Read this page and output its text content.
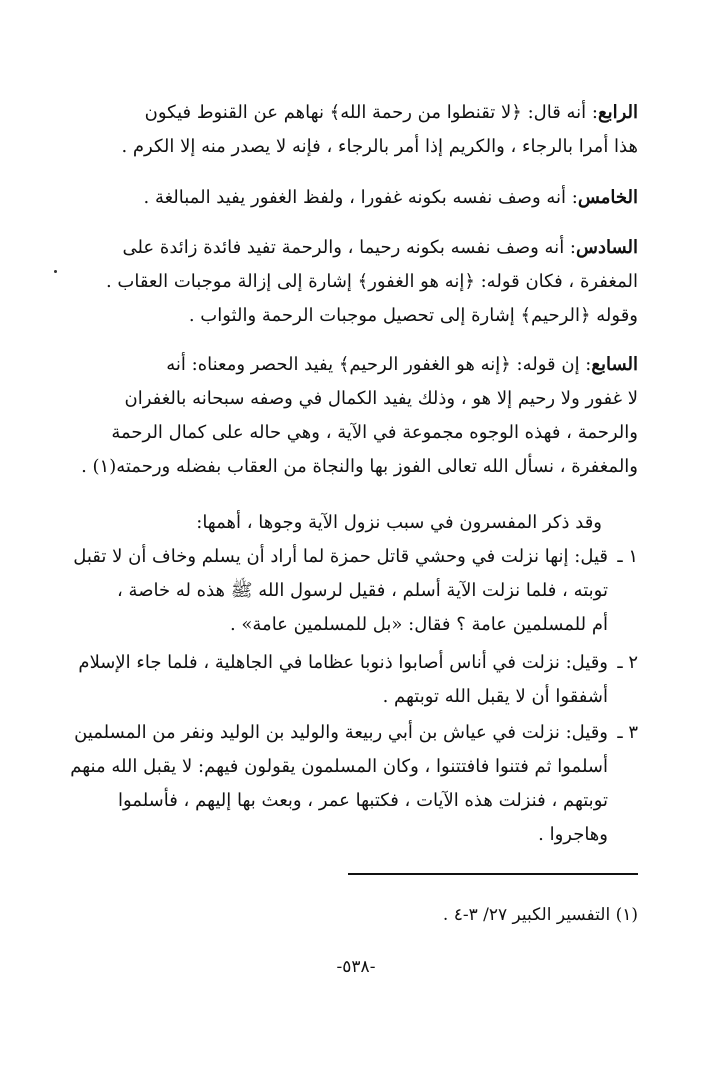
الرابع: أنه قال: ﴿لا تقنطوا من رحمة الله﴾ نهاهم عن القنوط فيكون
هذا أمرا بالرجاء ، والكريم إذا أمر بالرجاء ، فإنه لا يصدر منه إلا الكرم .

الخامس: أنه وصف نفسه بكونه غفورا ، ولفظ الغفور يفيد المبالغة .

السادس: أنه وصف نفسه بكونه رحيما ، والرحمة تفيد فائدة زائدة على
المغفرة ، فكان قوله: ﴿إنه هو الغفور﴾ إشارة إلى إزالة موجبات العقاب .
وقوله ﴿الرحيم﴾ إشارة إلى تحصيل موجبات الرحمة والثواب .

السابع: إن قوله: ﴿إنه هو الغفور الرحيم﴾ يفيد الحصر ومعناه: أنه
لا غفور ولا رحيم إلا هو ، وذلك يفيد الكمال في وصفه سبحانه بالغفران
والرحمة ، فهذه الوجوه مجموعة في الآية ، وهي حاله على كمال الرحمة
والمغفرة ، نسأل الله تعالى الفوز بها والنجاة من العقاب بفضله ورحمته(١) .

وقد ذكر المفسرون في سبب نزول الآية وجوها ، أهمها:

١ ـ
قيل: إنها نزلت في وحشي قاتل حمزة لما أراد أن يسلم وخاف أن لا تقبل
توبته ، فلما نزلت الآية أسلم ، فقيل لرسول الله ﷺ هذه له خاصة ،
أم للمسلمين عامة ؟ فقال: «بل للمسلمين عامة» .
٢ ـ
وقيل: نزلت في أناس أصابوا ذنوبا عظاما في الجاهلية ، فلما جاء الإسلام
أشفقوا أن لا يقبل الله توبتهم .
٣ ـ
وقيل: نزلت في عياش بن أبي ربيعة والوليد بن الوليد ونفر من المسلمين
أسلموا ثم فتنوا فافتتنوا ، وكان المسلمون يقولون فيهم: لا يقبل الله منهم
توبتهم ، فنزلت هذه الآيات ، فكتبها عمر ، وبعث بها إليهم ، فأسلموا
وهاجروا .
(١) التفسير الكبير ٢٧/ ٣-٤ .
-٥٣٨-
